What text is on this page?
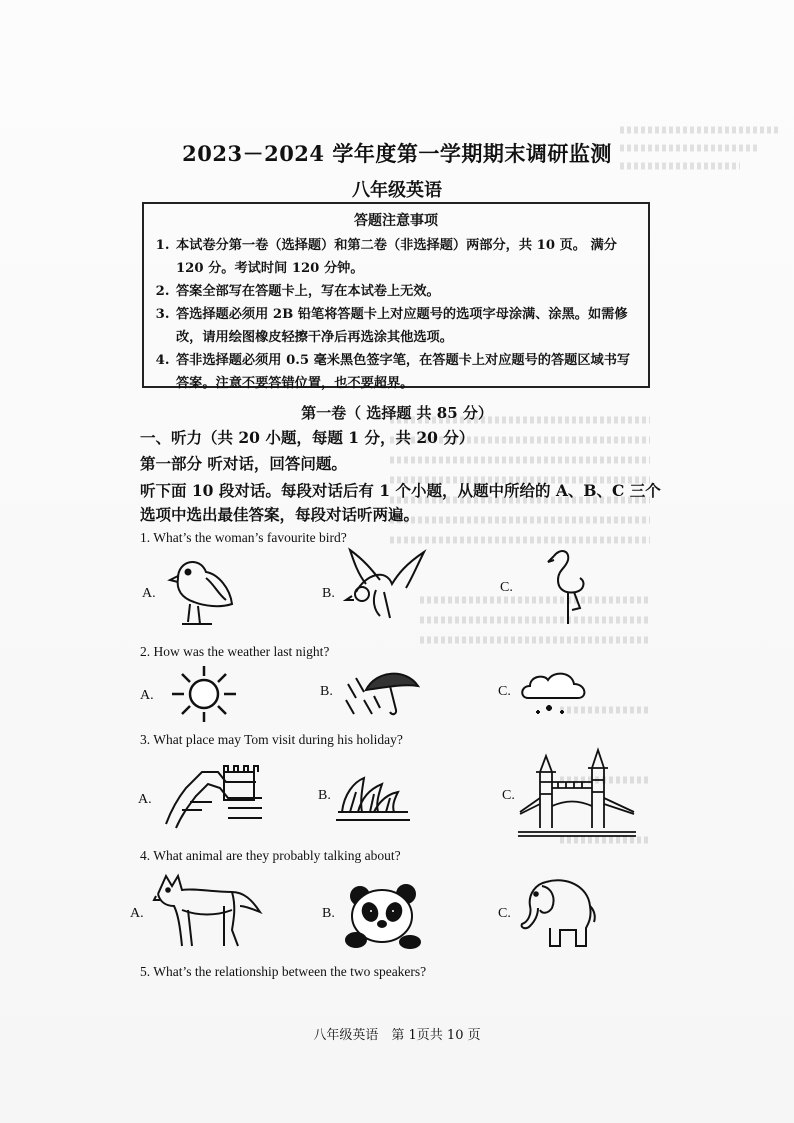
2023－2024 学年度第一学期期末调研监测
八年级英语
答题注意事项
1. 本试卷分第一卷（选择题）和第二卷（非选择题）两部分，共 10 页。 满分 120 分。考试时间 120 分钟。
2. 答案全部写在答题卡上，写在本试卷上无效。
3. 答选择题必须用 2B 铅笔将答题卡上对应题号的选项字母涂满、涂黑。如需修改，请用绘图橡皮轻擦干净后再选涂其他选项。
4. 答非选择题必须用 0.5 毫米黑色签字笔，在答题卡上对应题号的答题区域书写答案。注意不要答错位置，也不要超界。
第一卷（ 选择题 共 85 分）
一、听力（共 20 小题，每题 1 分，共 20 分）
第一部分 听对话，回答问题。
听下面 10 段对话。每段对话后有 1 个小题，从题中所给的 A、B、C 三个
选项中选出最佳答案，每段对话听两遍。
1. What’s the woman’s favourite bird?
A.	B.	C.
2. How was the weather last night?
A.	B.	C.
3. What place may Tom visit during his holiday?
A.	B.	C.
4. What animal are they probably talking about?
A.	B.	C.
5. What’s the relationship between the two speakers?
八年级英语　第 1页共 10 页
